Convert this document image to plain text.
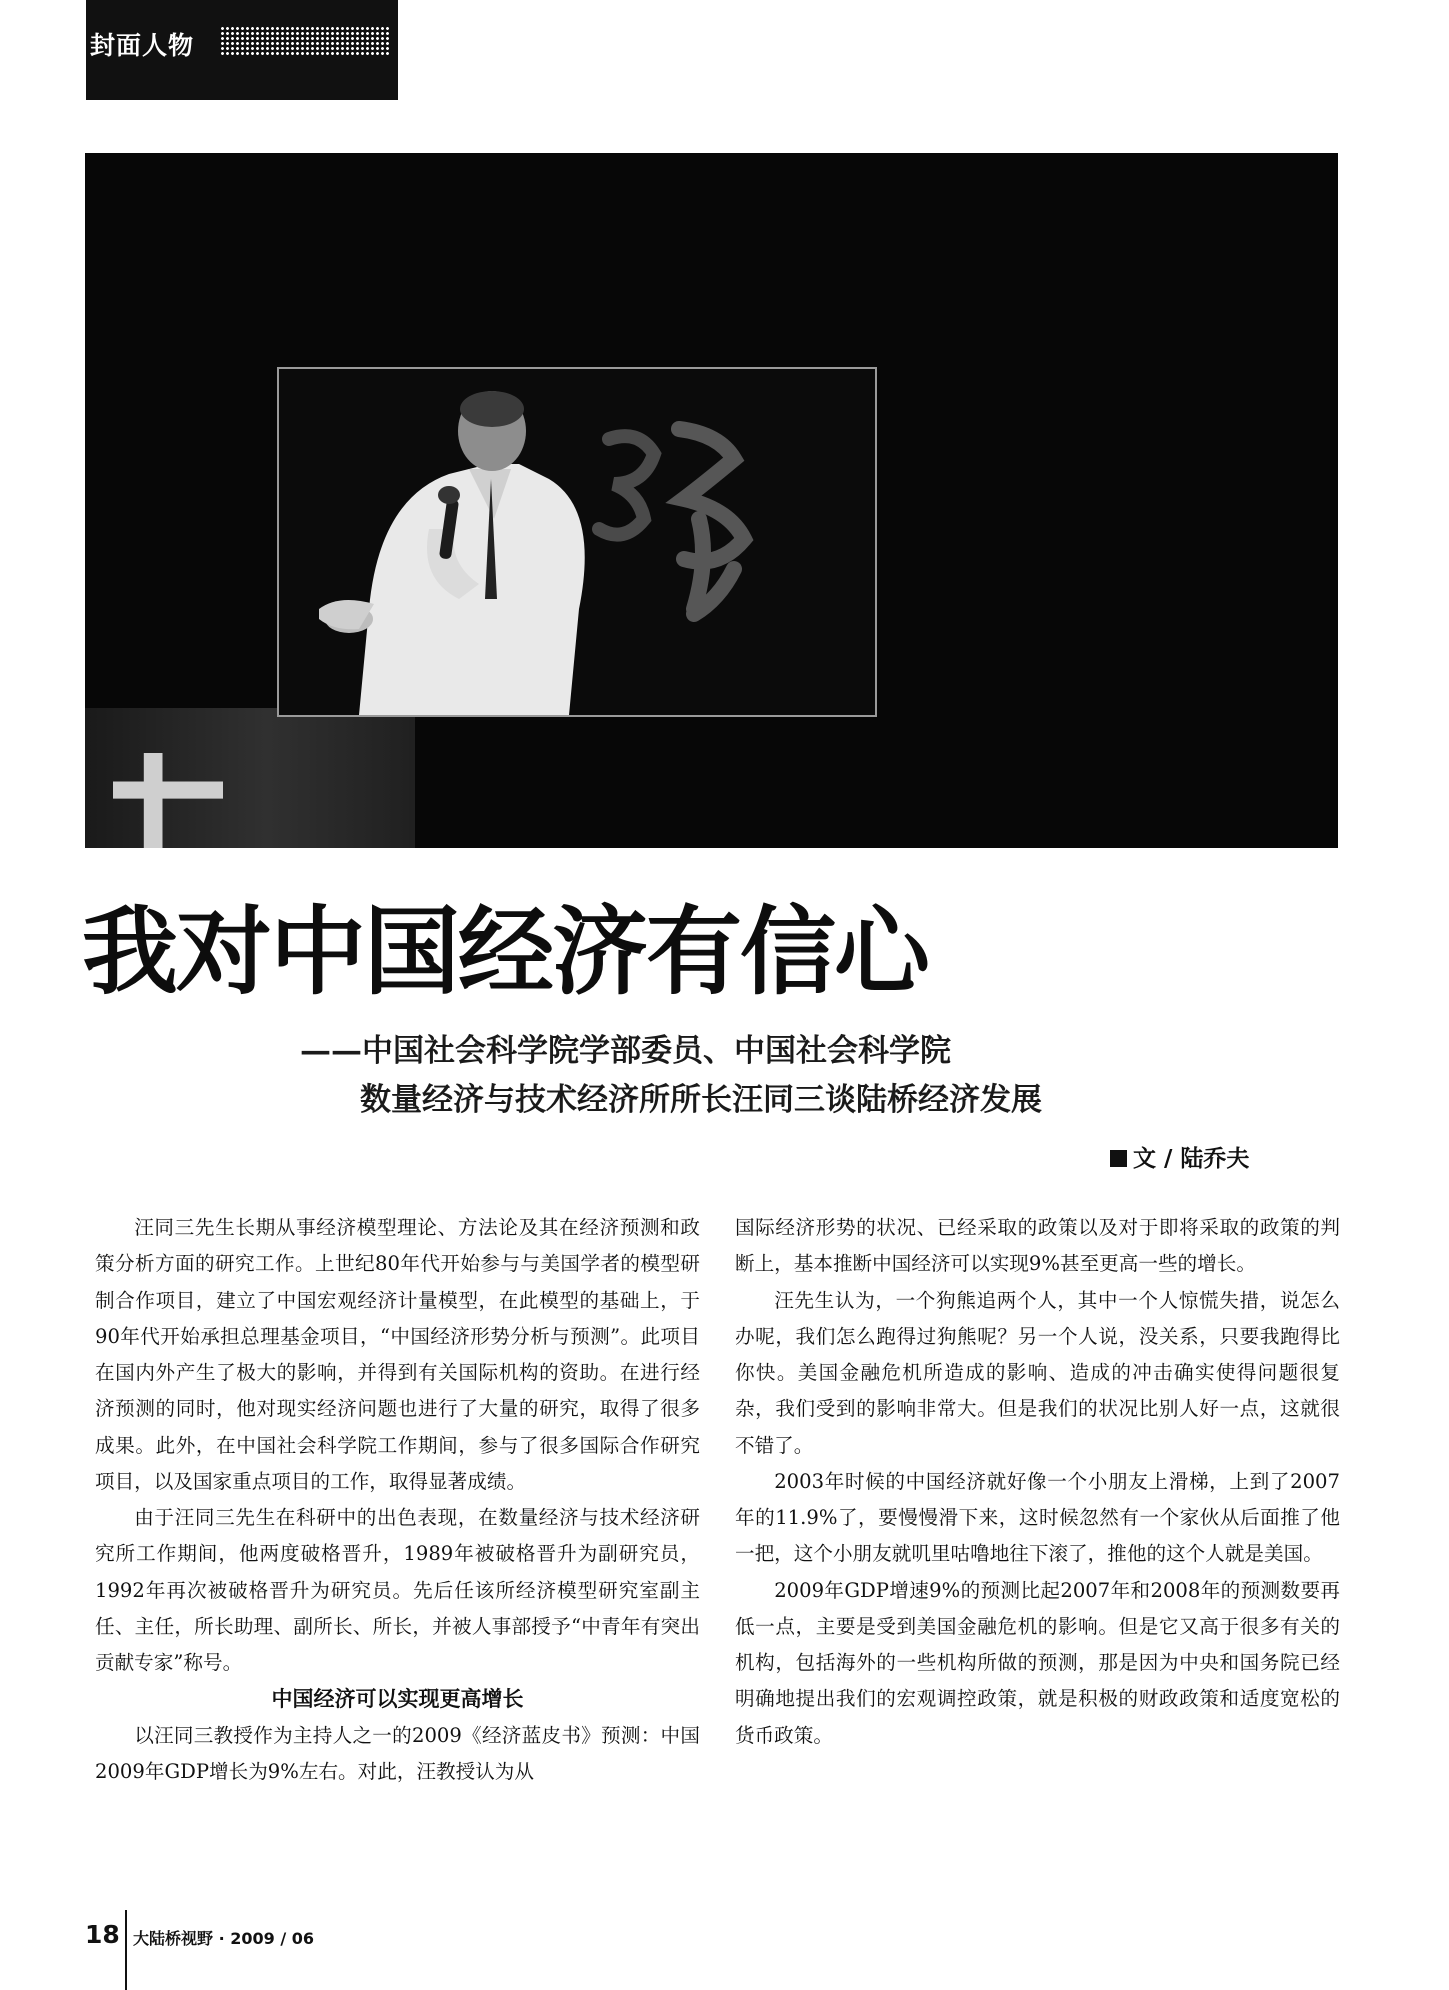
封面人物
我对中国经济有信心
——中国社会科学院学部委员、中国社会科学院
数量经济与技术经济所所长汪同三谈陆桥经济发展
文 / 陆乔夫

汪同三先生长期从事经济模型理论、方法论及其在经济预测和政策分析方面的研究工作。上世纪80年代开始参与与美国学者的模型研制合作项目，建立了中国宏观经济计量模型，在此模型的基础上，于90年代开始承担总理基金项目，“中国经济形势分析与预测”。此项目在国内外产生了极大的影响，并得到有关国际机构的资助。在进行经济预测的同时，他对现实经济问题也进行了大量的研究，取得了很多成果。此外，在中国社会科学院工作期间，参与了很多国际合作研究项目，以及国家重点项目的工作，取得显著成绩。

由于汪同三先生在科研中的出色表现，在数量经济与技术经济研究所工作期间，他两度破格晋升，1989年被破格晋升为副研究员，1992年再次被破格晋升为研究员。先后任该所经济模型研究室副主任、主任，所长助理、副所长、所长，并被人事部授予“中青年有突出贡献专家”称号。

中国经济可以实现更高增长

以汪同三教授作为主持人之一的2009《经济蓝皮书》预测：中国2009年GDP增长为9%左右。对此，汪教授认为从

国际经济形势的状况、已经采取的政策以及对于即将采取的政策的判断上，基本推断中国经济可以实现9%甚至更高一些的增长。

汪先生认为，一个狗熊追两个人，其中一个人惊慌失措，说怎么办呢，我们怎么跑得过狗熊呢？另一个人说，没关系，只要我跑得比你快。美国金融危机所造成的影响、造成的冲击确实使得问题很复杂，我们受到的影响非常大。但是我们的状况比别人好一点，这就很不错了。

2003年时候的中国经济就好像一个小朋友上滑梯，上到了2007年的11.9%了，要慢慢滑下来，这时候忽然有一个家伙从后面推了他一把，这个小朋友就叽里咕噜地往下滚了，推他的这个人就是美国。

2009年GDP增速9%的预测比起2007年和2008年的预测数要再低一点，主要是受到美国金融危机的影响。但是它又高于很多有关的机构，包括海外的一些机构所做的预测，那是因为中央和国务院已经明确地提出我们的宏观调控政策，就是积极的财政政策和适度宽松的货币政策。

18 大陆桥视野 · 2009 / 06
